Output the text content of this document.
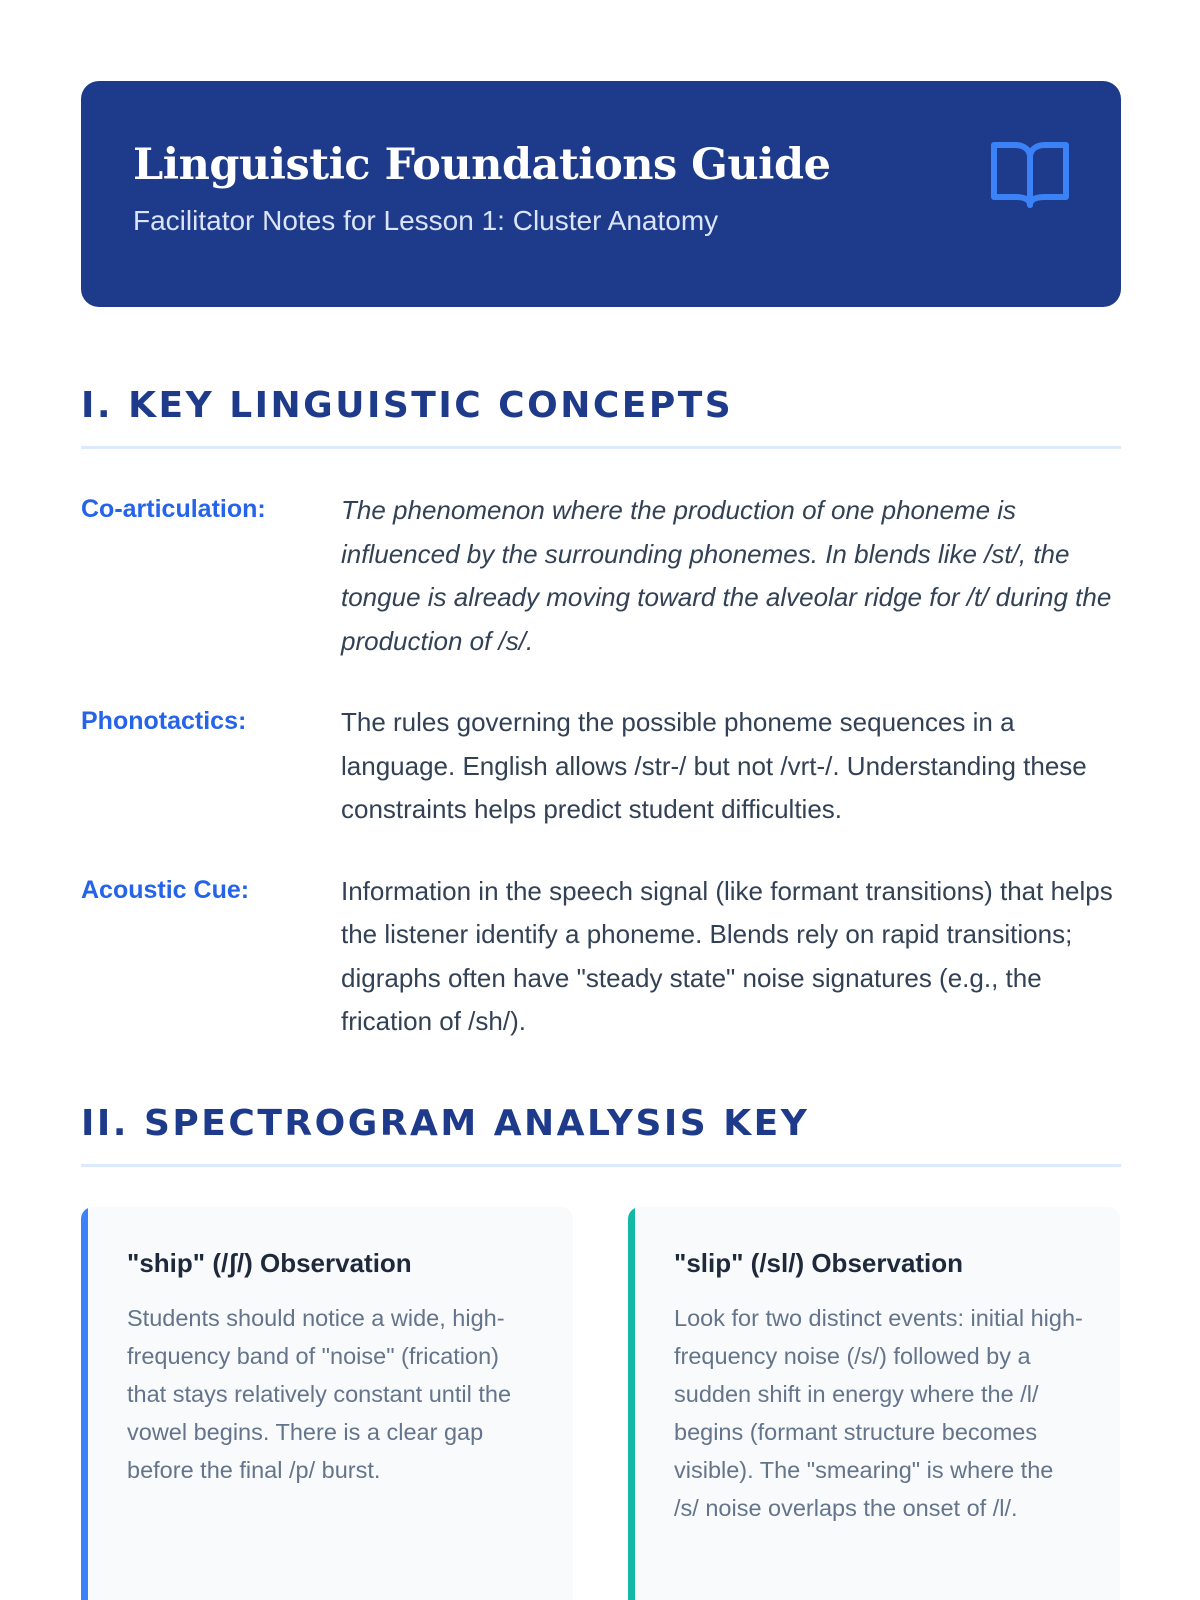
Linguistic Foundations Guide
Facilitator Notes for Lesson 1: Cluster Anatomy
I. KEY LINGUISTIC CONCEPTS
Co-articulation:	The phenomenon where the production of one phoneme is influenced by the surrounding phonemes. In blends like /st/, the tongue is already moving toward the alveolar ridge for /t/ during the production of /s/.
Phonotactics:	The rules governing the possible phoneme sequences in a language. English allows /str-/ but not /vrt-/. Understanding these constraints helps predict student difficulties.
Acoustic Cue:	Information in the speech signal (like formant transitions) that helps the listener identify a phoneme. Blends rely on rapid transitions; digraphs often have "steady state" noise signatures (e.g., the frication of /sh/).
II. SPECTROGRAM ANALYSIS KEY
"ship" (/ʃ/) Observation
Students should notice a wide, high-frequency band of "noise" (frication) that stays relatively constant until the vowel begins. There is a clear gap before the final /p/ burst.
"slip" (/sl/) Observation
Look for two distinct events: initial high-frequency noise (/s/) followed by a sudden shift in energy where the /l/ begins (formant structure becomes visible). The "smearing" is where the /s/ noise overlaps the onset of /l/.
